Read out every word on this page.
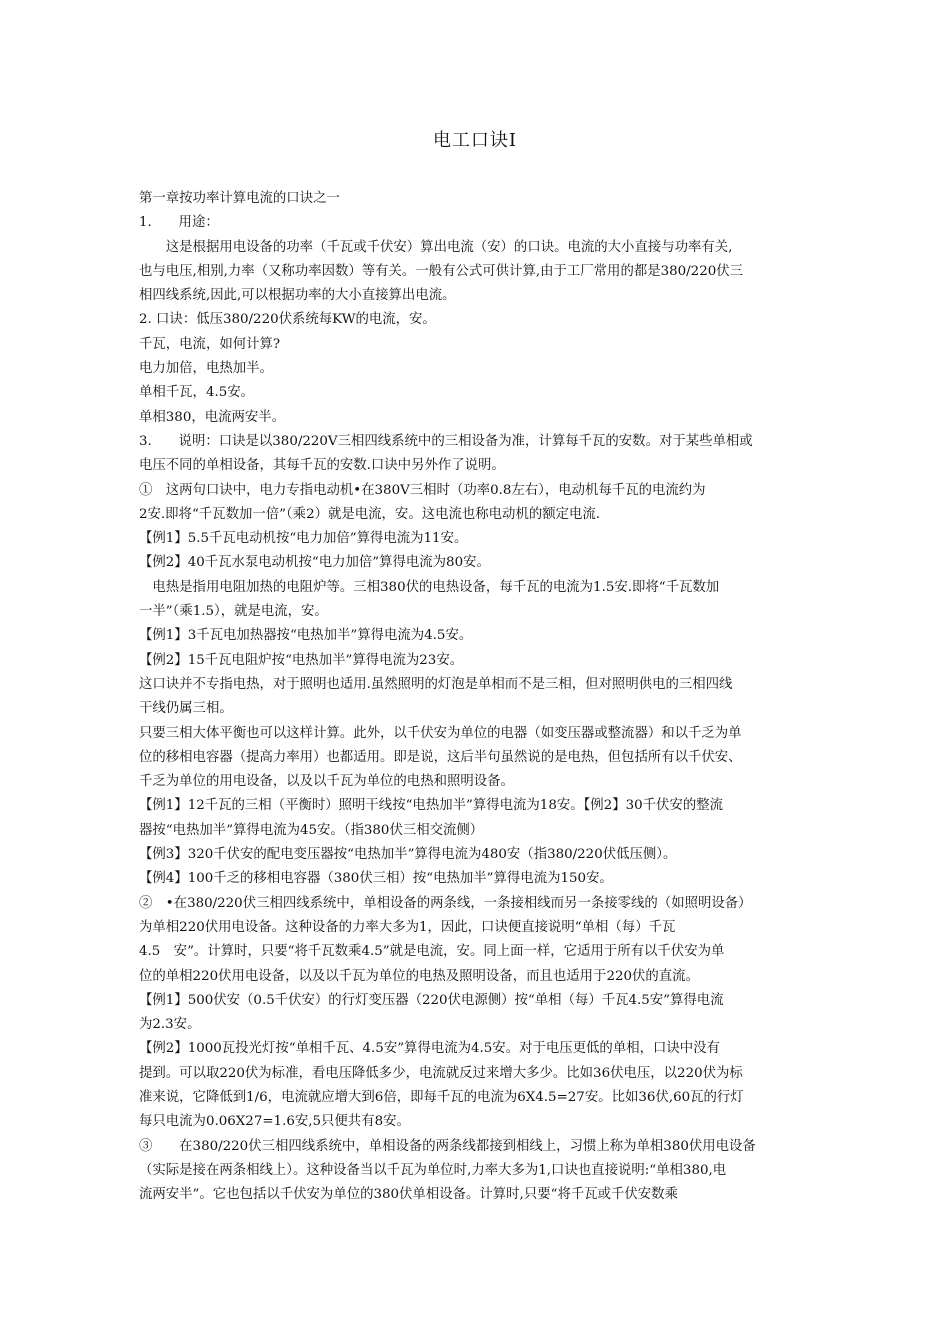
电工口诀Ⅰ
第一章按功率计算电流的口诀之一
1.　　用途：
　　这是根据用电设备的功率（千瓦或千伏安）算出电流（安）的口诀。电流的大小直接与功率有关,
也与电压,相别,力率（又称功率因数）等有关。一般有公式可供计算,由于工厂常用的都是380/220伏三
相四线系统,因此,可以根据功率的大小直接算出电流。
2. 口诀：低压380/220伏系统每KW的电流，安。
千瓦，电流，如何计算?
电力加倍，电热加半。
单相千瓦，4.5安。
单相380，电流两安半。
3.　　说明：口诀是以380/220V三相四线系统中的三相设备为准，计算每千瓦的安数。对于某些单相或
电压不同的单相设备，其每千瓦的安数.口诀中另外作了说明。
①　这两句口诀中，电力专指电动机•在380V三相时（功率0.8左右），电动机每千瓦的电流约为
2安.即将“千瓦数加一倍”（乘2）就是电流，安。这电流也称电动机的额定电流.
【例1】5.5千瓦电动机按“电力加倍”算得电流为11安。
【例2】40千瓦水泵电动机按“电力加倍”算得电流为80安。
　电热是指用电阻加热的电阻炉等。三相380伏的电热设备，每千瓦的电流为1.5安.即将“千瓦数加
一半”（乘1.5），就是电流，安。
【例1】3千瓦电加热器按“电热加半”算得电流为4.5安。
【例2】15千瓦电阻炉按“电热加半”算得电流为23安。
这口诀并不专指电热，对于照明也适用.虽然照明的灯泡是单相而不是三相，但对照明供电的三相四线
干线仍属三相。
只要三相大体平衡也可以这样计算。此外，以千伏安为单位的电器（如变压器或整流器）和以千乏为单
位的移相电容器（提高力率用）也都适用。即是说，这后半句虽然说的是电热，但包括所有以千伏安、
千乏为单位的用电设备，以及以千瓦为单位的电热和照明设备。
【例1】12千瓦的三相（平衡时）照明干线按“电热加半”算得电流为18安。【例2】30千伏安的整流
器按“电热加半”算得电流为45安。（指380伏三相交流侧）
【例3】320千伏安的配电变压器按“电热加半”算得电流为480安（指380/220伏低压侧）。
【例4】100千乏的移相电容器（380伏三相）按“电热加半”算得电流为150安。
②　•在380/220伏三相四线系统中，单相设备的两条线，一条接相线而另一条接零线的（如照明设备）
为单相220伏用电设备。这种设备的力率大多为1，因此，口诀便直接说明“单相（每）千瓦
4.5　安”。计算时，只要“将千瓦数乘4.5”就是电流，安。同上面一样，它适用于所有以千伏安为单
位的单相220伏用电设备，以及以千瓦为单位的电热及照明设备，而且也适用于220伏的直流。
【例1】500伏安（0.5千伏安）的行灯变压器（220伏电源侧）按“单相（每）千瓦4.5安”算得电流
为2.3安。
【例2】1000瓦投光灯按“单相千瓦、4.5安”算得电流为4.5安。对于电压更低的单相，口诀中没有
提到。可以取220伏为标准，看电压降低多少，电流就反过来增大多少。比如36伏电压，以220伏为标
准来说，它降低到1/6，电流就应增大到6倍，即每千瓦的电流为6X4.5=27安。比如36伏,60瓦的行灯
每只电流为0.06X27=1.6安,5只便共有8安。
③　　在380/220伏三相四线系统中，单相设备的两条线都接到相线上，习惯上称为单相380伏用电设备
（实际是接在两条相线上）。这种设备当以千瓦为单位时,力率大多为1,口诀也直接说明:“单相380,电
流两安半”。它也包括以千伏安为单位的380伏单相设备。计算时,只要“将千瓦或千伏安数乘
